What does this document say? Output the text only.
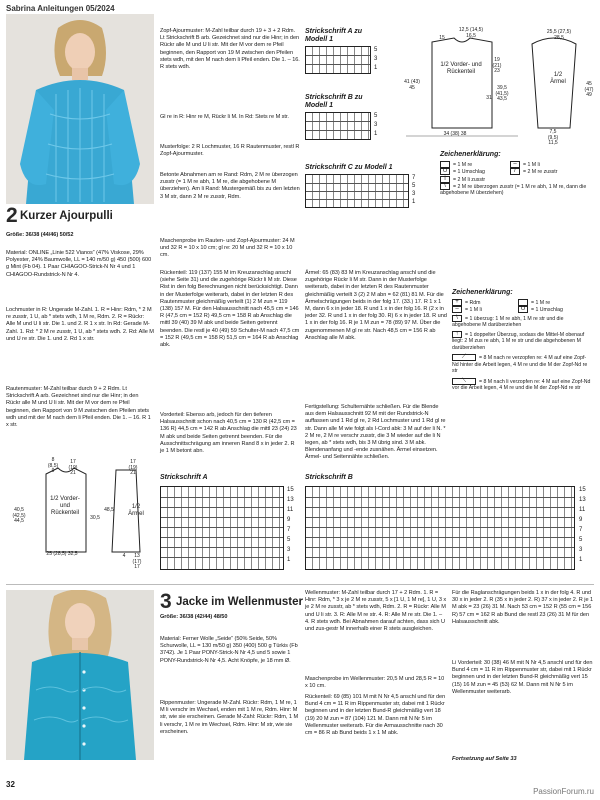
Sabrina Anleitungen 05/2024
2 Kurzer Ajourpulli
Größe: 36/38 (44/46) 50/52
Material: ONLINE „Linie 522 Vianos“ (47% Viskose, 29% Polyester, 24% Baumwolle, LL = 140 m/50 g) 450 (500) 600 g Mint (Fb 04). 1 Paar CHIAGOO-Strick-N Nr 4 und 1 CHIAGOO-Rundstrick-N Nr 4.
Lochmuster in R: Ungerade M-Zahl. 1. R = Hinr: Rdm, * 2 M re zusstr, 1 U, ab * stets wdh, 1 M re, Rdm. 2. R = Rückr: Alle M und U li str. Die 1. und 2. R 1 x str. In Rd: Gerade M-Zahl. 1. Rd: * 2 M re zusstr, 1 U, ab * stets wdh. 2. Rd: Alle M und U re str. Die 1. und 2. Rd 1 x str.
Rautenmuster: M-Zahl teilbar durch 9 + 2 Rdm. Lt Strickschrift A arb. Gezeichnet sind nur die Hinr; in den Rückr alle M und U li str. Mit der M vor dem re Pfeil beginnen, den Rapport von 9 M zwischen den Pfeilen stets wdh und mit der M nach dem li Pfeil enden. Die 1. – 16. R 1 x str.
Zopf-Ajourmuster: M-Zahl teilbar durch 19 + 3 + 2 Rdm. Lt Strickschrift B arb. Gezeichnet sind nur die Hinr; in den Rückr alle M und U li str. Mit der M vor dem re Pfeil beginnen, den Rapport von 19 M zwischen den Pfeilen stets wdh, mit den M nach dem li Pfeil enden. Die 1. – 16. R stets wdh.
Gl re in R: Hinr re M, Rückr li M. In Rd: Stets re M str.
Musterfolge: 2 R Lochmuster, 16 R Rautenmuster, restl R Zopf-Ajourmuster.
Betonte Abnahmen am re Rand: Rdm, 2 M re überzogen zusstr (= 1 M re abh, 1 M re, die abgehobene M überziehen). Am li Rand: Mustergemäß bis zu den letzten 3 M str, dann 2 M re zusstr, Rdm.
Maschenprobe im Rauten- und Zopf-Ajourmuster: 24 M und 32 R = 10 x 10 cm; gl re: 20 M und 32 R = 10 x 10 cm.
Rückenteil: 119 (137) 155 M im Kreuzanschlag anschl (siehe Seite 31) und die zugehörige Rückr li M str. Diese Rist in den folg Berechnungen nicht berücksichtigt. Dann in der Musterfolge weiterarb, dabei in der letzten R des Rautenmuster gleichmäßig verteilt (1) 2 M zun = 119 (138) 157 M. Für den Halsausschnitt nach 45,5 cm = 146 R (47,5 cm = 152 R) 49,5 cm = 158 R ab Anschlag die mittl 39 (40) 39 M abk und beide Seiten getrennt beenden. Die restl je 40 (49) 59 Schulter-M nach 47,5 cm = 152 R (49,5 cm = 158 R) 51,5 cm = 164 R ab Anschlag abk.
Vorderteil: Ebenso arb, jedoch für den tieferen Halsausschnitt schon nach 40,5 cm = 130 R (42,5 cm = 136 R) 44,5 cm = 142 R ab Anschlag die mittl 23 (24) 23 M abk und beide Seiten getrennt beenden. Für die Ausschnittschrägung am inneren Rand 8 x in jeder 2. R je 1 M betont abn.
Ärmel: 65 (83) 83 M im Kreuzanschlag anschl und die zugehörige Rückr li M str. Dann in der Musterfolge weiterarb, dabei in der letzten R des Rautenmuster gleichmäßig verteilt 3 (2) 2 M abn = 62 (81) 81 M. Für die Ärmelschrägungen beids in der folg 17. (33.) 17. R 1 x 1 M, dann 6 x in jeder 18. R und 1 x in der folg 16. R (2 x in jeder 32. R und 1 x in der folg 30. R) 6 x in jeder 18. R und 1 x in der folg 16. R je 1 M zun = 78 (89) 97 M. Über die zugenommenen M gl re str. Nach 48,5 cm = 156 R ab Anschlag alle M abk.
Fertigstellung: Schulternähte schließen. Für die Blende aus dem Halsausschnitt 92 M mit der Rundstrick-N auffassen und 1 Rd gl re, 2 Rd Lochmuster und 1 Rd gl re str. Dann alle M wie folgt als I-Cord abk: 3 M auf der li N. * 2 M re, 2 M re verschr zusstr, die 3 M wieder auf die li N legen, ab * stets wdh, bis 3 M übrig sind. 3 M abk. Blendenanfang und -ende zusnähen. Ärmel einsetzen. Ärmel- und Seitennähte schließen.
Strickschrift A zu Modell 1
5
3
1
Strickschrift B zu Modell 1
5
3
1
Strickschrift C zu Modell 1
7
5
3
1
12,5 (14,5) 16,5
15
19 (21) 23
1/2 Vorder- und Rückenteil
41 (43) 45	39,5 (41,5) 43,5
31
34 (38) 38
25,5 (27,5) 28,5
1/2 Ärmel	45 (47) 49
7,5 (9,5) 11,5
Zeichenerklärung:
= 1 M re	– = 1 M li
U = 1 Umschlag	/ = 2 M re zusstr
ǀ = 2 M li zusstr
\ = 2 M re überzogen zusstr (= 1 M re abh, 1 M re, dann die abgehobene M überziehen)
Zeichenerklärung:
+ = Rdm	= 1 M re
– = 1 M li	U = 1 Umschlag
\ = 1 überzug: 1 M re abh, 1 M re str und die abgehobene M darüberziehen
↑ = 1 doppelter Überzug, sodass die Mittel-M obenauf liegt: 2 M zus re abh, 1 M re str und die abgehobenen M darüberziehen
⟋ = 8 M nach re verzopfen re: 4 M auf eine Zopf-Nd hinter die Arbeit legen, 4 M re und die M der Zopf-Nd re str
⟍ = 8 M nach li verzopfen re: 4 M auf eine Zopf-Nd vor die Arbeit legen, 4 M re und die M der Zopf-Nd re str
8 (8,5) 9
17 (19) 21
1/2 Vorder- und Rückenteil
40,5 (42,5) 44,5
30,5
25 (28,5) 32,5
17 (19) 21
1/2 Ärmel
48,5
4	13 (17) 17
Strickschrift A
15
13
11
9
7
5
3
1
Strickschrift B
15
13
11
9
7
5
3
1
3 Jacke im Wellenmuster
Größe: 36/38 (42/44) 48/50
Material: Ferner Wolle „Seide“ (50% Seide, 50% Schurwolle, LL = 130 m/50 g) 350 (400) 500 g Türkis (Fb 3742). Je 1 Paar PONY-Strick-N Nr 4,5 und 5 sowie 1 PONY-Rundstrick-N Nr 4,5. Acht Knöpfe, je 18 mm Ø.
Rippenmuster: Ungerade M-Zahl. Rückr: Rdm, 1 M re, 1 M li verschr im Wechsel, enden mit 1 M re, Rdm. Hinr: M str, wie sie erscheinen. Gerade M-Zahl: Rückr: Rdm, 1 M li verschr, 1 M re im Wechsel, Rdm. Hinr: M str, wie sie erscheinen.
Wellenmuster: M-Zahl teilbar durch 17 + 2 Rdm. 1. R = Hinr: Rdm, * 3 x je 2 M re zusstr, 5 x [1 U, 1 M re], 1 U, 3 x je 2 M re zusstr, ab * stets wdh, Rdm. 2. R = Rückr: Alle M und U li str. 3. R: Alle M re str. 4. R: Alle M re str. Die 1. – 4. R stets wdh. Bei Abnahmen darauf achten, dass sich U und zus-gestr M innerhalb einer R stets ausgleichen.
Maschenprobe im Wellenmuster: 20,5 M und 28,5 R = 10 x 10 cm.
Rückenteil: 69 (85) 101 M mit N Nr 4,5 anschl und für den Bund 4 cm = 11 R im Rippenmuster str, dabei mit 1 Rückr beginnen und in der letzten Bund-R gleichmäßig vert 18 (19) 20 M zun = 87 (104) 121 M. Dann mit N Nr 5 im Wellenmuster weiterarb. Für die Armausschnitte nach 30 cm = 86 R ab Bund beids 1 x 1 M abk.
Für die Raglanschrägungen beids 1 x in der folg 4. R und 30 x in jeder 2. R (35 x in jeder 2. R) 37 x in jeder 2. R je 1 M abk = 23 (26) 31 M. Nach 53 cm = 152 R (55 cm = 156 R) 57 cm = 162 R ab Bund die restl 23 (26) 31 M für den Halsausschnitt abk.
Li Vorderteil: 30 (38) 46 M mit N Nr 4,5 anschl und für den Bund 4 cm = 11 R im Rippenmuster str, dabei mit 1 Rückr beginnen und in der letzten Bund-R gleichmäßig vert 15 (15) 16 M zun = 45 (53) 62 M. Dann mit N Nr 5 im Wellenmuster weiterarb.
Fortsetzung auf Seite 33
32
PassionForum.ru
